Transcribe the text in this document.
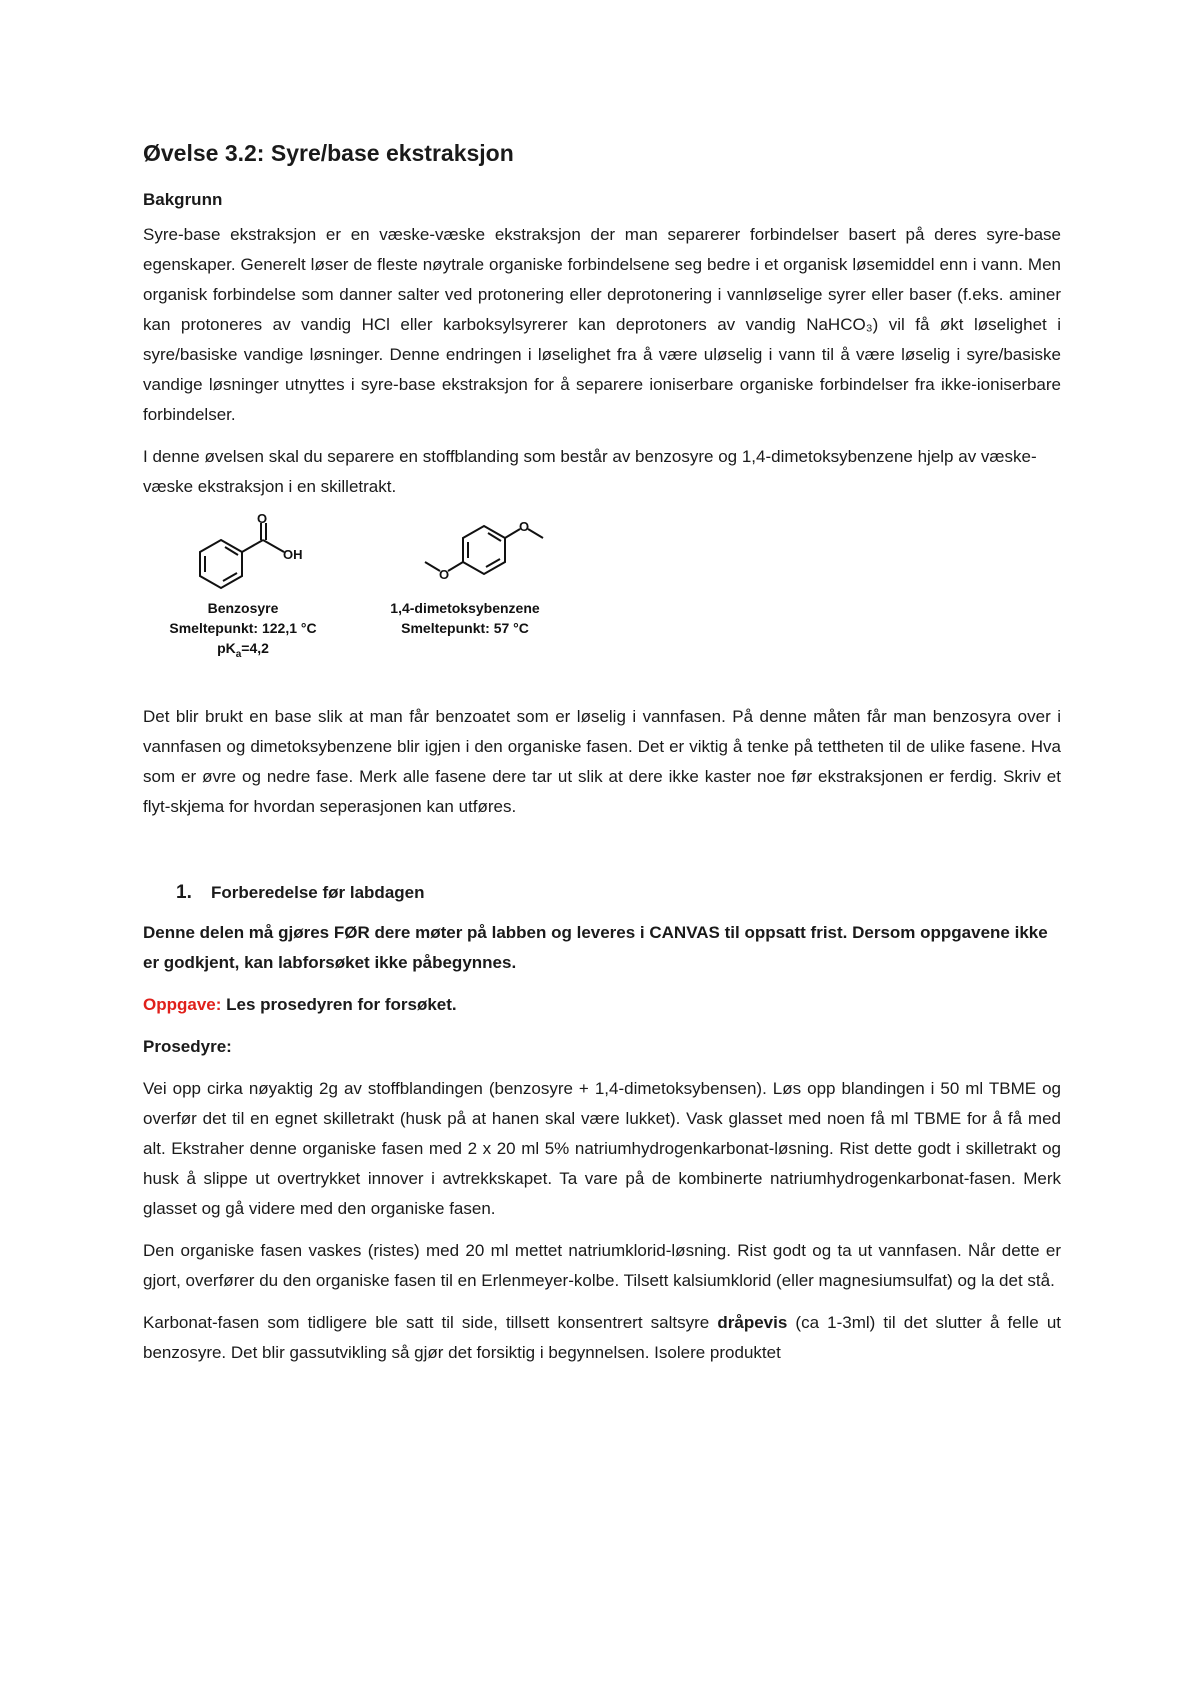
Øvelse 3.2: Syre/base ekstraksjon
Bakgrunn

Syre-base ekstraksjon er en væske-væske ekstraksjon der man separerer forbindelser basert på deres syre-base egenskaper. Generelt løser de fleste nøytrale organiske forbindelsene seg bedre i et organisk løsemiddel enn i vann. Men organisk forbindelse som danner salter ved protonering eller deprotonering i vannløselige syrer eller baser (f.eks. aminer kan protoneres av vandig HCl eller karboksylsyrerer kan deprotoners av vandig NaHCO₃) vil få økt løselighet i syre/basiske vandige løsninger. Denne endringen i løselighet fra å være uløselig i vann til å være løselig i syre/basiske vandige løsninger utnyttes i syre-base ekstraksjon for å separere ioniserbare organiske forbindelser fra ikke-ioniserbare forbindelser.

I denne øvelsen skal du separere en stoffblanding som består av benzosyre og 1,4-dimetoksybenzene hjelp av væske-væske ekstraksjon i en skilletrakt.

O
OH
O
O
Benzosyre
Smeltepunkt: 122,1 °C
$pK_a=4,2$
1,4-dimetoksybenzene
Smeltepunkt: 57 °C

Det blir brukt en base slik at man får benzoatet som er løselig i vannfasen. På denne måten får man benzosyra over i vannfasen og dimetoksybenzene blir igjen i den organiske fasen. Det er viktig å tenke på tettheten til de ulike fasene. Hva som er øvre og nedre fase. Merk alle fasene dere tar ut slik at dere ikke kaster noe før ekstraksjonen er ferdig. Skriv et flyt-skjema for hvordan seperasjonen kan utføres.

1.	Forberedelse før labdagen

Denne delen må gjøres FØR dere møter på labben og leveres i CANVAS til oppsatt frist. Dersom oppgavene ikke er godkjent, kan labforsøket ikke påbegynnes.

Oppgave: Les prosedyren for forsøket.

Prosedyre:

Vei opp cirka nøyaktig 2g av stoffblandingen (benzosyre + 1,4-dimetoksybensen). Løs opp blandingen i 50 ml TBME og overfør det til en egnet skilletrakt (husk på at hanen skal være lukket). Vask glasset med noen få ml TBME for å få med alt. Ekstraher denne organiske fasen med 2 x 20 ml 5% natriumhydrogenkarbonat-løsning. Rist dette godt i skilletrakt og husk å slippe ut overtrykket innover i avtrekkskapet. Ta vare på de kombinerte natriumhydrogenkarbonat-fasen. Merk glasset og gå videre med den organiske fasen.

Den organiske fasen vaskes (ristes) med 20 ml mettet natriumklorid-løsning. Rist godt og ta ut vannfasen. Når dette er gjort, overfører du den organiske fasen til en Erlenmeyer-kolbe. Tilsett kalsiumklorid (eller magnesiumsulfat) og la det stå.

Karbonat-fasen som tidligere ble satt til side, tillsett konsentrert saltsyre dråpevis (ca 1-3ml) til det slutter å felle ut benzosyre. Det blir gassutvikling så gjør det forsiktig i begynnelsen. Isolere produktet
